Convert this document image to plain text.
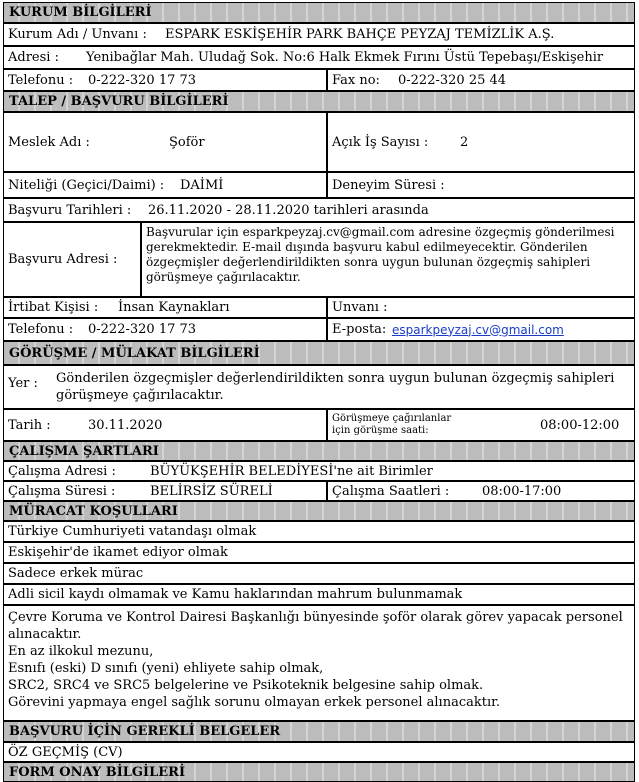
KURUM BİLGİLERİ
Kurum Adı / Unvanı :	ESPARK ESKİŞEHİR PARK BAHÇE PEYZAJ TEMİZLİK A.Ş.
Adresi :	Yenibağlar Mah. Uludağ Sok. No:6 Halk Ekmek Fırını Üstü Tepebaşı/Eskişehir
Telefonu :	0-222-320 17 73	Fax no:	0-222-320 25 44
TALEP / BAŞVURU BİLGİLERİ
Meslek Adı :	Şoför	Açık İş Sayısı :	2
Niteliği (Geçici/Daimi) :	DAİMİ	Deneyim Süresi :
Başvuru Tarihleri :	26.11.2020 - 28.11.2020 tarihleri arasında
Başvuru Adresi :
Başvurular için esparkpeyzaj.cv@gmail.com adresine özgeçmiş gönderilmesi gerekmektedir. E-mail dışında başvuru kabul edilmeyecektir. Gönderilen özgeçmişler değerlendirildikten sonra uygun bulunan özgeçmiş sahipleri görüşmeye çağırılacaktır.
İrtibat Kişisi :	İnsan Kaynakları	Unvanı :
Telefonu :	0-222-320 17 73	E-posta: esparkpeyzaj.cv@gmail.com
GÖRÜŞME / MÜLAKAT BİLGİLERİ
Yer :	Gönderilen özgeçmişler değerlendirildikten sonra uygun bulunan özgeçmiş sahipleri görüşmeye çağırılacaktır.
Tarih :	30.11.2020	Görüşmeye çağırılanlar
için görüşme saati:	08:00-12:00
ÇALIŞMA ŞARTLARI
Çalışma Adresi :	BÜYÜKŞEHİR BELEDİYESİ'ne ait Birimler
Çalışma Süresi :	BELİRSİZ SÜRELİ	Çalışma Saatleri :	08:00-17:00
MÜRACAT KOŞULLARI
Türkiye Cumhuriyeti vatandaşı olmak
Eskişehir'de ikamet ediyor olmak
Sadece erkek mürac
Adli sicil kaydı olmamak ve Kamu haklarından mahrum bulunmamak
Çevre Koruma ve Kontrol Dairesi Başkanlığı bünyesinde şoför olarak görev yapacak personel alınacaktır.
En az ilkokul mezunu,
Esnıfı (eski) D sınıfı (yeni) ehliyete sahip olmak,
SRC2, SRC4 ve SRC5 belgelerine ve Psikoteknik belgesine sahip olmak.
Görevini yapmaya engel sağlık sorunu olmayan erkek personel alınacaktır.
BAŞVURU İÇİN GEREKLİ BELGELER
ÖZ GEÇMİŞ (CV)
FORM ONAY BİLGİLERİ
